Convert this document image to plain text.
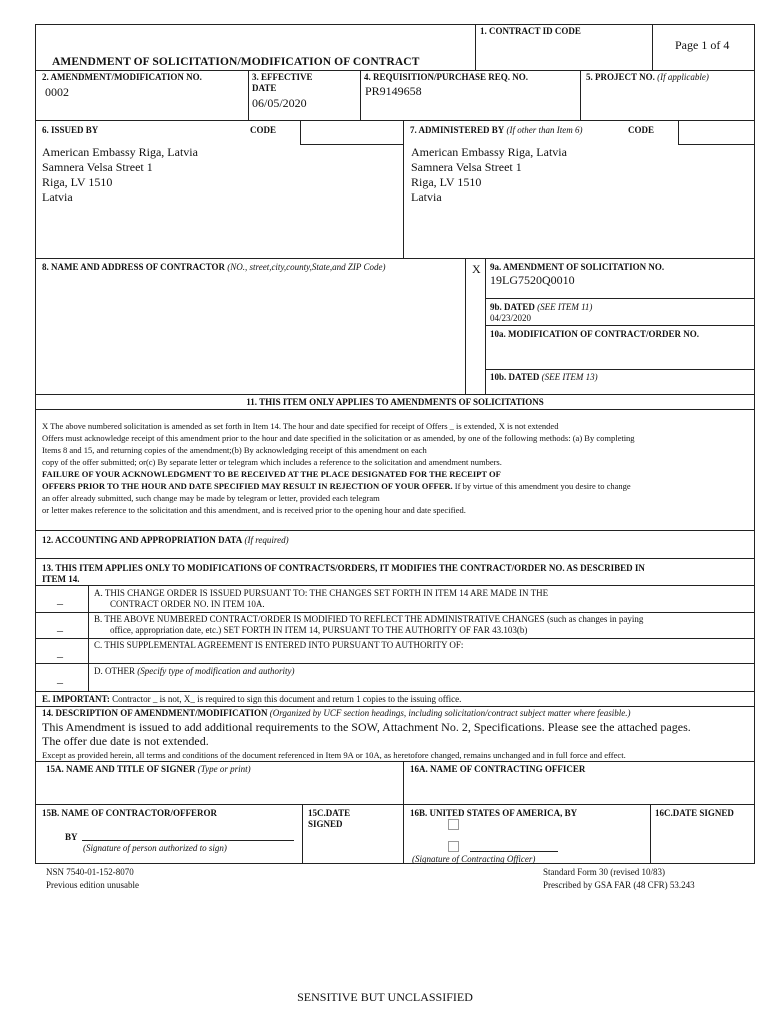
AMENDMENT OF SOLICITATION/MODIFICATION OF CONTRACT
1. CONTRACT ID CODE
Page 1 of 4
2. AMENDMENT/MODIFICATION NO.
0002
3. EFFECTIVE
DATE
06/05/2020
4. REQUISITION/PURCHASE REQ. NO.
PR9149658
5. PROJECT NO. (If applicable)
6. ISSUED BY	CODE
American Embassy Riga, Latvia
Samnera Velsa Street 1
Riga, LV 1510
Latvia
7. ADMINISTERED BY (If other than Item 6)	CODE
American Embassy Riga, Latvia
Samnera Velsa Street 1
Riga, LV 1510
Latvia
8. NAME AND ADDRESS OF CONTRACTOR (NO., street,city,county,State,and ZIP Code)	X 9a. AMENDMENT OF SOLICITATION NO.
19LG7520Q0010
9b. DATED (SEE ITEM 11)
04/23/2020
10a. MODIFICATION OF CONTRACT/ORDER NO.
10b. DATED (SEE ITEM 13)
11. THIS ITEM ONLY APPLIES TO AMENDMENTS OF SOLICITATIONS
X The above numbered solicitation is amended as set forth in Item 14. The hour and date specified for receipt of Offers _ is extended, X is not extended
Offers must acknowledge receipt of this amendment prior to the hour and date specified in the solicitation or as amended, by one of the following methods: (a) By completing
Items 8 and 15, and returning copies of the amendment;(b) By acknowledging receipt of this amendment on each
copy of the offer submitted; or(c) By separate letter or telegram which includes a reference to the solicitation and amendment numbers.
FAILURE OF YOUR ACKNOWLEDGMENT TO BE RECEIVED AT THE PLACE DESIGNATED FOR THE RECEIPT OF
OFFERS PRIOR TO THE HOUR AND DATE SPECIFIED MAY RESULT IN REJECTION OF YOUR OFFER. If by virtue of this amendment you desire to change
an offer already submitted, such change may be made by telegram or letter, provided each telegram
or letter makes reference to the solicitation and this amendment, and is received prior to the opening hour and date specified.
12. ACCOUNTING AND APPROPRIATION DATA (If required)
13. THIS ITEM APPLIES ONLY TO MODIFICATIONS OF CONTRACTS/ORDERS, IT MODIFIES THE CONTRACT/ORDER NO. AS DESCRIBED IN
ITEM 14.
_	A. THIS CHANGE ORDER IS ISSUED PURSUANT TO: THE CHANGES SET FORTH IN ITEM 14 ARE MADE IN THE
CONTRACT ORDER NO. IN ITEM 10A.
_	B. THE ABOVE NUMBERED CONTRACT/ORDER IS MODIFIED TO REFLECT THE ADMINISTRATIVE CHANGES (such as changes in paying
office, appropriation date, etc.) SET FORTH IN ITEM 14, PURSUANT TO THE AUTHORITY OF FAR 43.103(b)
_	C. THIS SUPPLEMENTAL AGREEMENT IS ENTERED INTO PURSUANT TO AUTHORITY OF:
_	D. OTHER (Specify type of modification and authority)
E. IMPORTANT: Contractor _ is not, X_ is required to sign this document and return 1 copies to the issuing office.
14. DESCRIPTION OF AMENDMENT/MODIFICATION (Organized by UCF section headings, including solicitation/contract subject matter where feasible.)
This Amendment is issued to add additional requirements to the SOW, Attachment No. 2, Specifications. Please see the attached pages.
The offer due date is not extended.
Except as provided herein, all terms and conditions of the document referenced in Item 9A or 10A, as heretofore changed, remains unchanged and in full force and effect.
15A. NAME AND TITLE OF SIGNER (Type or print)	16A. NAME OF CONTRACTING OFFICER
15B. NAME OF CONTRACTOR/OFFEROR
BY
(Signature of person authorized to sign)
15C.DATE
SIGNED
16B. UNITED STATES OF AMERICA, BY
(Signature of Contracting Officer)
16C.DATE SIGNED
NSN 7540-01-152-8070
Previous edition unusable
Standard Form 30 (revised 10/83)
Prescribed by GSA FAR (48 CFR) 53.243
SENSITIVE BUT UNCLASSIFIED
